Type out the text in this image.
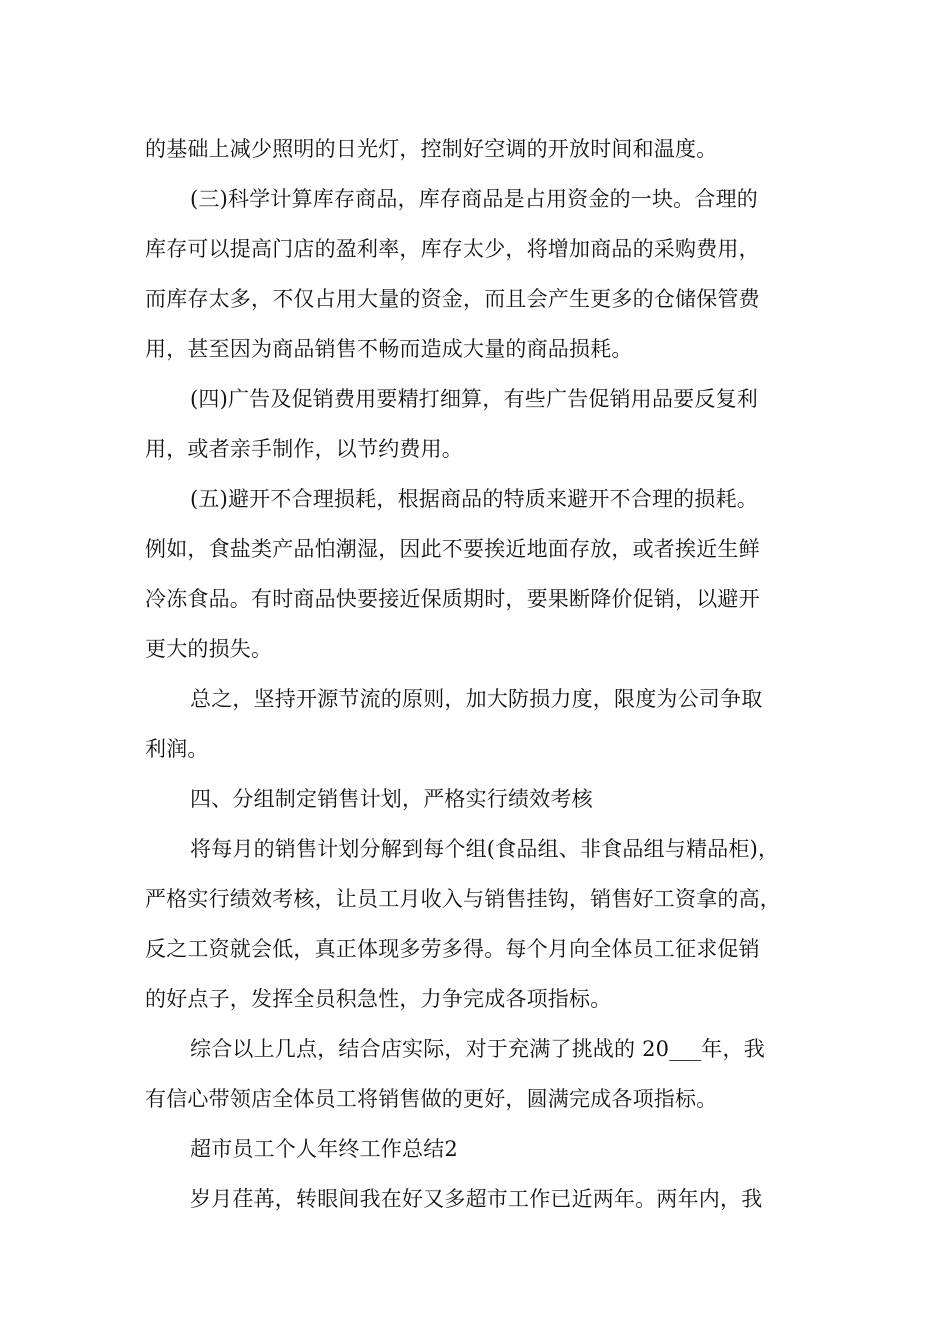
的基础上减少照明的日光灯，控制好空调的开放时间和温度。
(三)科学计算库存商品，库存商品是占用资金的一块。合理的
库存可以提高门店的盈利率，库存太少，将增加商品的采购费用，
而库存太多，不仅占用大量的资金，而且会产生更多的仓储保管费
用，甚至因为商品销售不畅而造成大量的商品损耗。
(四)广告及促销费用要精打细算，有些广告促销用品要反复利
用，或者亲手制作，以节约费用。
(五)避开不合理损耗，根据商品的特质来避开不合理的损耗。
例如，食盐类产品怕潮湿，因此不要挨近地面存放，或者挨近生鲜
冷冻食品。有时商品快要接近保质期时，要果断降价促销，以避开
更大的损失。
总之，坚持开源节流的原则，加大防损力度，限度为公司争取
利润。
四、分组制定销售计划，严格实行绩效考核
将每月的销售计划分解到每个组(食品组、非食品组与精品柜)，
严格实行绩效考核，让员工月收入与销售挂钩，销售好工资拿的高，
反之工资就会低，真正体现多劳多得。每个月向全体员工征求促销
的好点子，发挥全员积急性，力争完成各项指标。
综合以上几点，结合店实际，对于充满了挑战的 20___年，我
有信心带领店全体员工将销售做的更好，圆满完成各项指标。
超市员工个人年终工作总结2
岁月荏苒，转眼间我在好又多超市工作已近两年。两年内，我
